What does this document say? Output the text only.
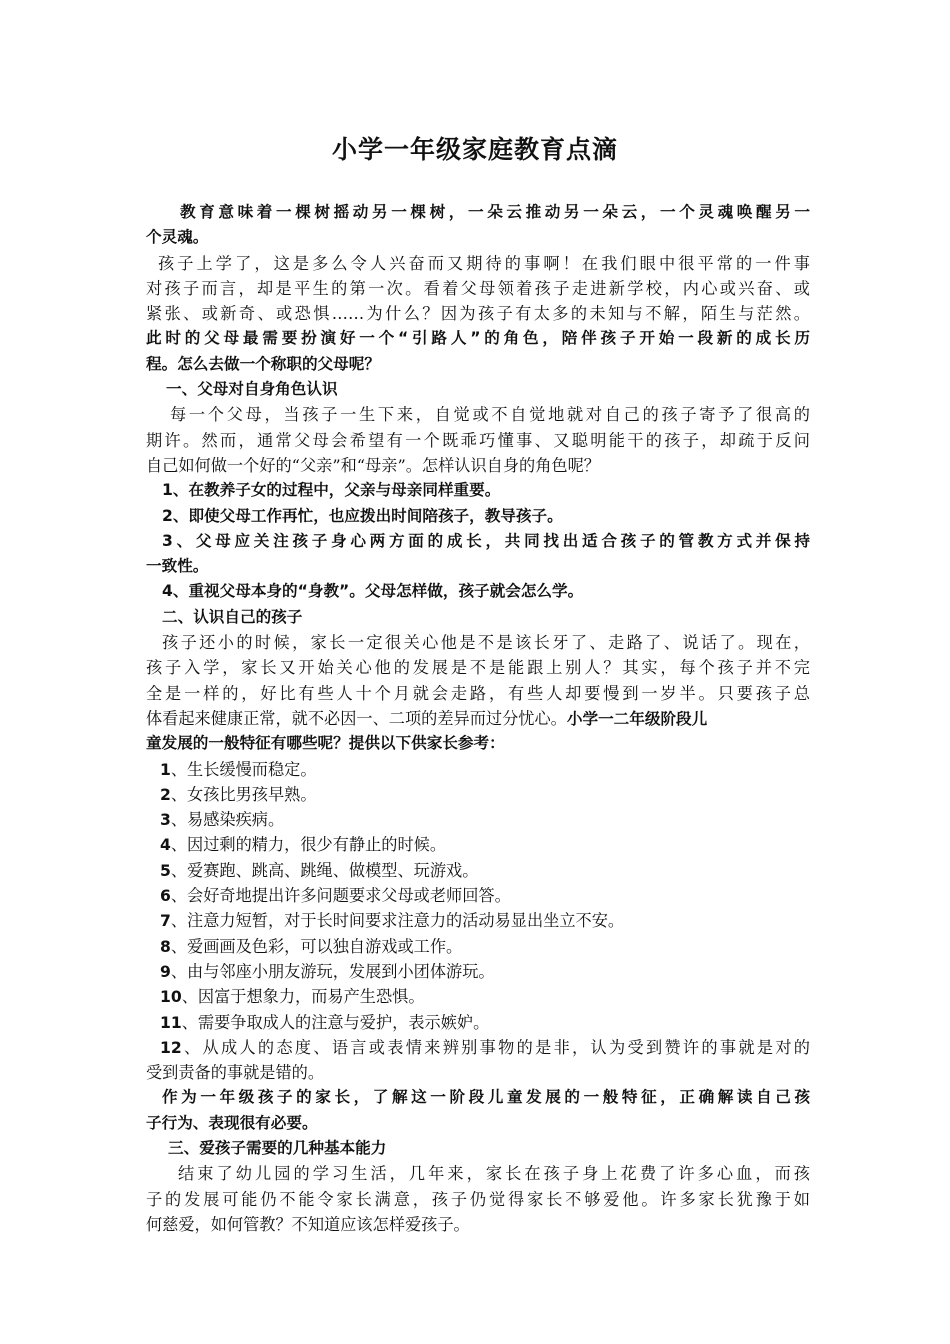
小学一年级家庭教育点滴
教育意味着一棵树摇动另一棵树，一朵云推动另一朵云，一个灵魂唤醒另一
个灵魂。
孩子上学了，这是多么令人兴奋而又期待的事啊！在我们眼中很平常的一件事
对孩子而言，却是平生的第一次。看着父母领着孩子走进新学校，内心或兴奋、或
紧张、或新奇、或恐惧……为什么？因为孩子有太多的未知与不解，陌生与茫然。
此时的父母最需要扮演好一个“引路人”的角色，陪伴孩子开始一段新的成长历
程。怎么去做一个称职的父母呢？
一、父母对自身角色认识
每一个父母，当孩子一生下来，自觉或不自觉地就对自己的孩子寄予了很高的
期许。然而，通常父母会希望有一个既乖巧懂事、又聪明能干的孩子，却疏于反问
自己如何做一个好的“父亲”和“母亲”。怎样认识自身的角色呢？
1、在教养子女的过程中，父亲与母亲同样重要。
2、即使父母工作再忙，也应拨出时间陪孩子，教导孩子。
3、父母应关注孩子身心两方面的成长，共同找出适合孩子的管教方式并保持
一致性。
4、重视父母本身的“身教”。父母怎样做，孩子就会怎么学。
二、认识自己的孩子
孩子还小的时候，家长一定很关心他是不是该长牙了、走路了、说话了。现在，
孩子入学，家长又开始关心他的发展是不是能跟上别人？其实，每个孩子并不完
全是一样的，好比有些人十个月就会走路，有些人却要慢到一岁半。只要孩子总
体看起来健康正常，就不必因一、二项的差异而过分忧心。小学一二年级阶段儿
童发展的一般特征有哪些呢？提供以下供家长参考：
1、生长缓慢而稳定。
2、女孩比男孩早熟。
3、易感染疾病。
4、因过剩的精力，很少有静止的时候。
5、爱赛跑、跳高、跳绳、做模型、玩游戏。
6、会好奇地提出许多问题要求父母或老师回答。
7、注意力短暂，对于长时间要求注意力的活动易显出坐立不安。
8、爱画画及色彩，可以独自游戏或工作。
9、由与邻座小朋友游玩，发展到小团体游玩。
10、因富于想象力，而易产生恐惧。
11、需要争取成人的注意与爱护，表示嫉妒。
12、从成人的态度、语言或表情来辨别事物的是非，认为受到赞许的事就是对的
受到责备的事就是错的。
作为一年级孩子的家长，了解这一阶段儿童发展的一般特征，正确解读自己孩
子行为、表现很有必要。
三、爱孩子需要的几种基本能力
结束了幼儿园的学习生活，几年来，家长在孩子身上花费了许多心血，而孩
子的发展可能仍不能令家长满意，孩子仍觉得家长不够爱他。许多家长犹豫于如
何慈爱，如何管教？不知道应该怎样爱孩子。
